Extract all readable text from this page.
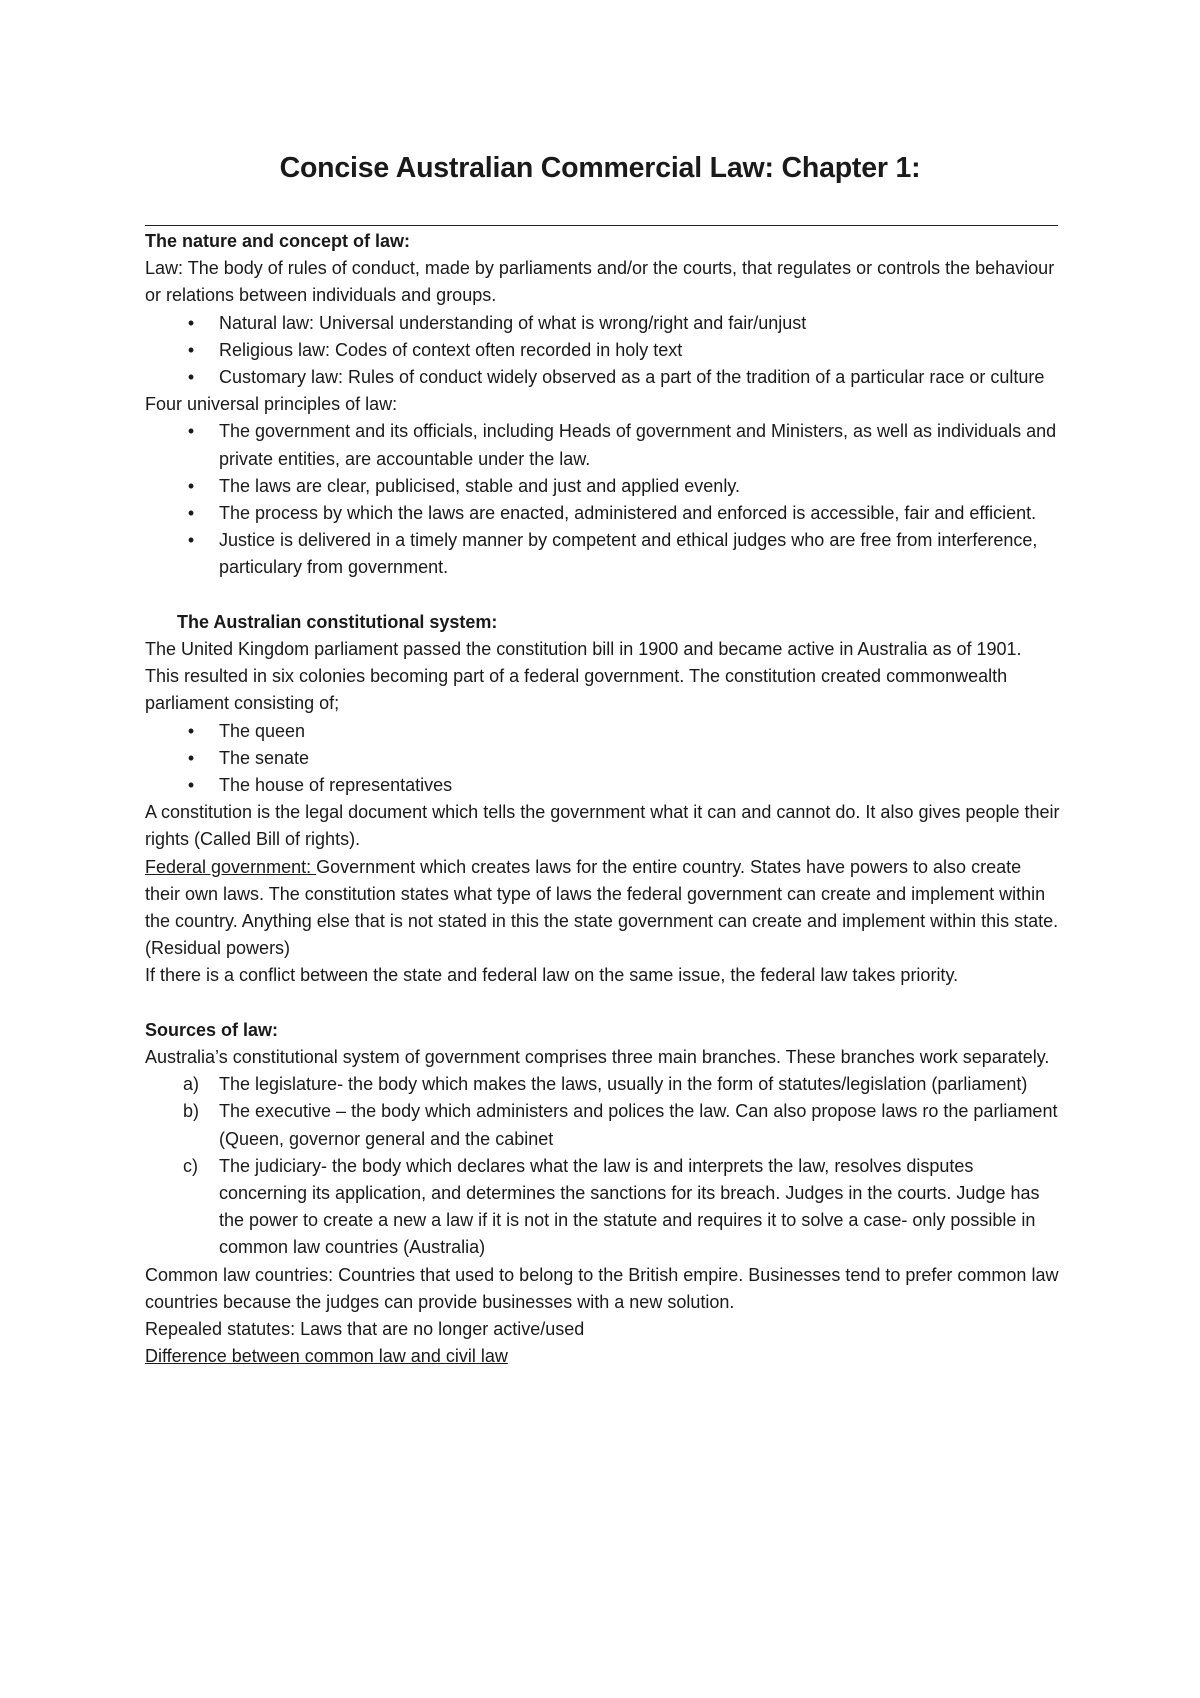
Concise Australian Commercial Law: Chapter 1:

The nature and concept of law:

Law: The body of rules of conduct, made by parliaments and/or the courts, that regulates or controls the behaviour or relations between individuals and groups.

• Natural law: Universal understanding of what is wrong/right and fair/unjust
• Religious law: Codes of context often recorded in holy text
• Customary law: Rules of conduct widely observed as a part of the tradition of a particular race or culture

Four universal principles of law:

• The government and its officials, including Heads of government and Ministers, as well as individuals and private entities, are accountable under the law.
• The laws are clear, publicised, stable and just and applied evenly.
• The process by which the laws are enacted, administered and enforced is accessible, fair and efficient.
• Justice is delivered in a timely manner by competent and ethical judges who are free from interference, particulary from government.

The Australian constitutional system:

The United Kingdom parliament passed the constitution bill in 1900 and became active in Australia as of 1901. This resulted in six colonies becoming part of a federal government. The constitution created commonwealth parliament consisting of;

• The queen
• The senate
• The house of representatives

A constitution is the legal document which tells the government what it can and cannot do. It also gives people their rights (Called Bill of rights).

Federal government: Government which creates laws for the entire country. States have powers to also create their own laws. The constitution states what type of laws the federal government can create and implement within the country. Anything else that is not stated in this the state government can create and implement within this state. (Residual powers)

If there is a conflict between the state and federal law on the same issue, the federal law takes priority.

Sources of law:

Australia’s constitutional system of government comprises three main branches. These branches work separately.

a) The legislature- the body which makes the laws, usually in the form of statutes/legislation (parliament)
b) The executive – the body which administers and polices the law. Can also propose laws ro the parliament (Queen, governor general and the cabinet
c) The judiciary- the body which declares what the law is and interprets the law, resolves disputes concerning its application, and determines the sanctions for its breach. Judges in the courts. Judge has the power to create a new a law if it is not in the statute and requires it to solve a case- only possible in common law countries (Australia)

Common law countries: Countries that used to belong to the British empire. Businesses tend to prefer common law countries because the judges can provide businesses with a new solution.

Repealed statutes: Laws that are no longer active/used

Difference between common law and civil law
